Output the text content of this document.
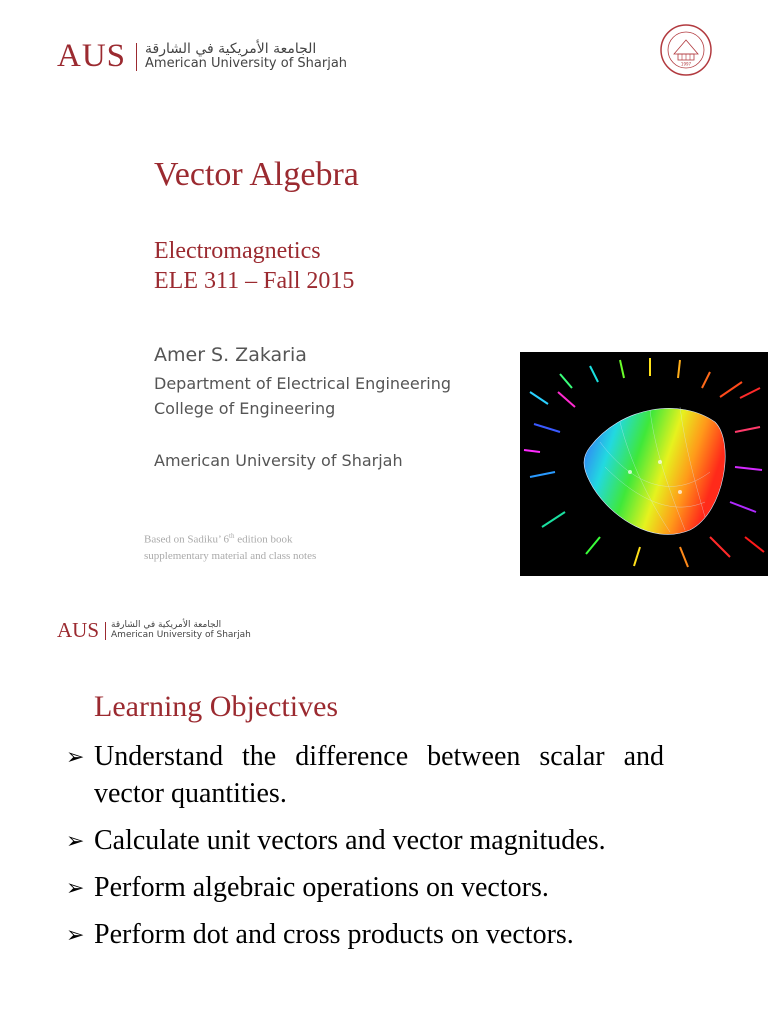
AUS الجامعة الأمريكية في الشارقة
American University of Sharjah	1997
Vector Algebra
Electromagnetics
ELE 311 – Fall 2015
Amer S. Zakaria
Department of Electrical Engineering
College of Engineering
American University of Sharjah
Based on Sadiku’ 6th edition book
supplementary material and class notes
AUS الجامعة الأمريكية في الشارقة
American University of Sharjah
Learning Objectives
➢ Understand the difference between scalar and vector quantities.
➢ Calculate unit vectors and vector magnitudes.
➢ Perform algebraic operations on vectors.
➢ Perform dot and cross products on vectors.
